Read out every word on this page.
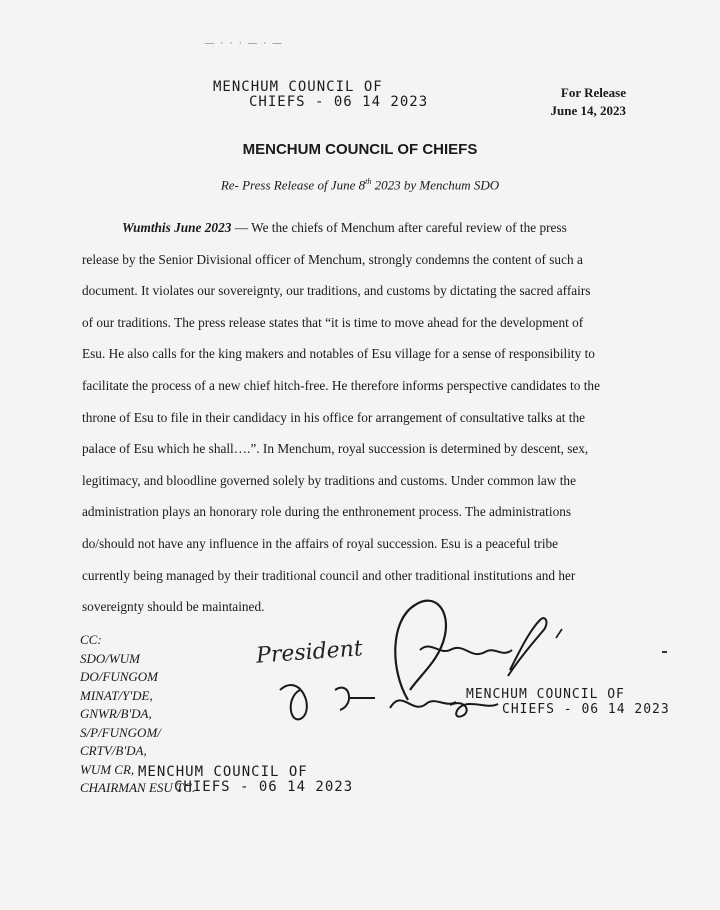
— · · · — · —
MENCHUM COUNCIL OF
CHIEFS - 06 14 2023
For Release
June 14, 2023
MENCHUM COUNCIL OF CHIEFS
Re- Press Release of June 8th 2023 by Menchum SDO
Wumthis June 2023 — We the chiefs of Menchum after careful review of the press
release by the Senior Divisional officer of Menchum, strongly condemns the content of such a
document. It violates our sovereignty, our traditions, and customs by dictating the sacred affairs
of our traditions. The press release states that “it is time to move ahead for the development of
Esu. He also calls for the king makers and notables of Esu village for a sense of responsibility to
facilitate the process of a new chief hitch-free. He therefore informs perspective candidates to the
throne of Esu to file in their candidacy in his office for arrangement of consultative talks at the
palace of Esu which he shall….”. In Menchum, royal succession is determined by descent, sex,
legitimacy, and bloodline governed solely by traditions and customs. Under common law the
administration plays an honorary role during the enthronement process. The administrations
do/should not have any influence in the affairs of royal succession. Esu is a peaceful tribe
currently being managed by their traditional council and other traditional institutions and her
sovereignty should be maintained.
President
MENCHUM COUNCIL OF
CHIEFS - 06 14 2023
CC:
SDO/WUM
DO/FUNGOM
MINAT/Y'DE,
GNWR/B'DA,
S/P/FUNGOM/
CRTV/B'DA,
WUM CR,
CHAIRMAN ESU TC.
MENCHUM COUNCIL OF
CHIEFS - 06 14 2023
